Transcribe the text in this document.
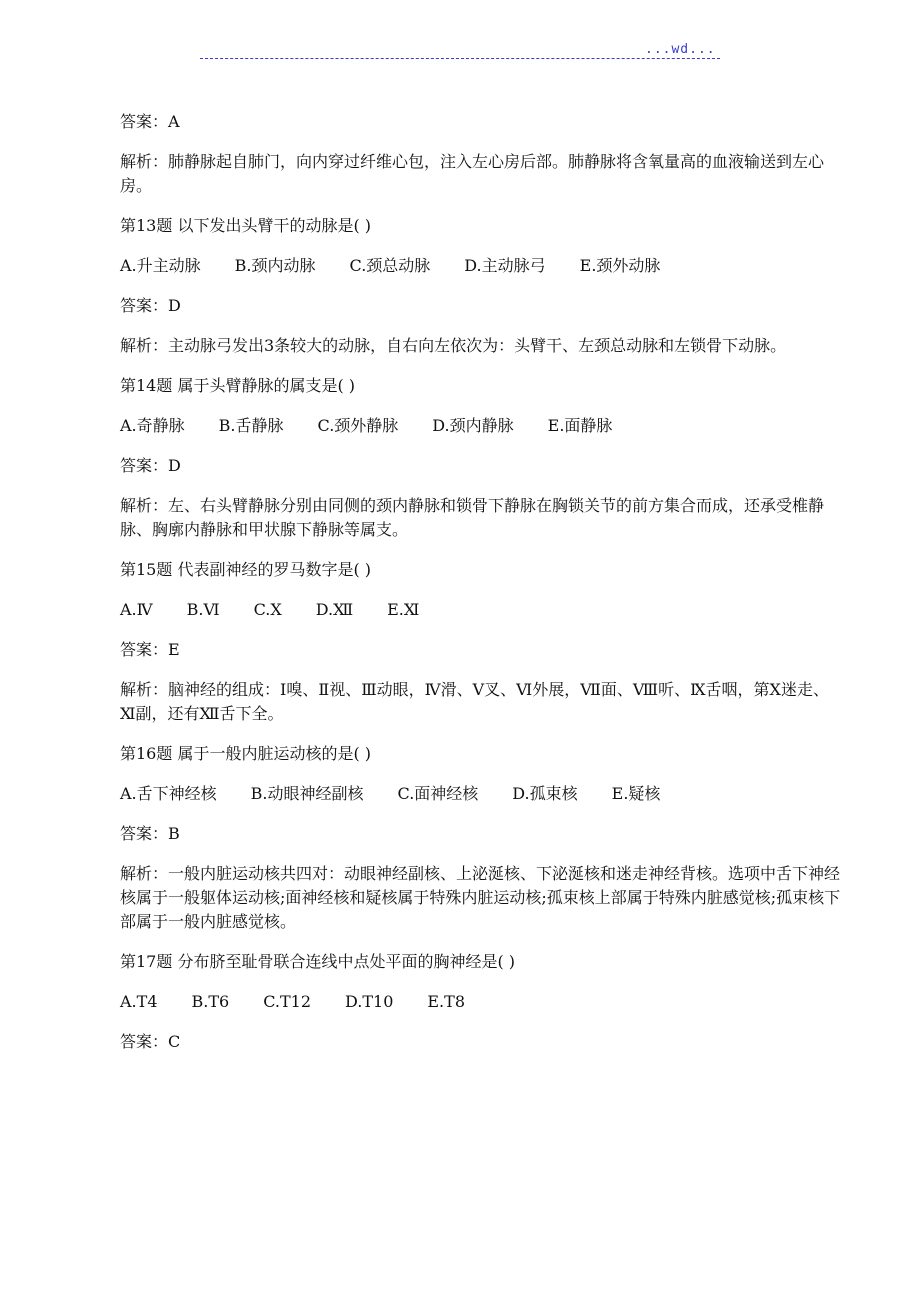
...wd...
答案：A
解析：肺静脉起自肺门，向内穿过纤维心包，注入左心房后部。肺静脉将含氧量高的血液输送到左心房。
第13题 以下发出头臂干的动脉是( )
A.升主动脉 B.颈内动脉 C.颈总动脉 D.主动脉弓 E.颈外动脉
答案：D
解析：主动脉弓发出3条较大的动脉，自右向左依次为：头臂干、左颈总动脉和左锁骨下动脉。
第14题 属于头臂静脉的属支是( )
A.奇静脉 B.舌静脉 C.颈外静脉 D.颈内静脉 E.面静脉
答案：D
解析：左、右头臂静脉分别由同侧的颈内静脉和锁骨下静脉在胸锁关节的前方集合而成，还承受椎静脉、胸廓内静脉和甲状腺下静脉等属支。
第15题 代表副神经的罗马数字是( )
A.Ⅳ B.Ⅵ C.X D.Ⅻ E.Ⅺ
答案：E
解析：脑神经的组成：Ⅰ嗅、Ⅱ视、Ⅲ动眼，Ⅳ滑、Ⅴ叉、Ⅵ外展，Ⅶ面、Ⅷ听、Ⅸ舌咽，第X迷走、Ⅺ副，还有Ⅻ舌下全。
第16题 属于一般内脏运动核的是( )
A.舌下神经核 B.动眼神经副核 C.面神经核 D.孤束核 E.疑核
答案：B
解析：一般内脏运动核共四对：动眼神经副核、上泌涎核、下泌涎核和迷走神经背核。选项中舌下神经核属于一般躯体运动核;面神经核和疑核属于特殊内脏运动核;孤束核上部属于特殊内脏感觉核;孤束核下部属于一般内脏感觉核。
第17题 分布脐至耻骨联合连线中点处平面的胸神经是( )
A.T4 B.T6 C.T12 D.T10 E.T8
答案：C
